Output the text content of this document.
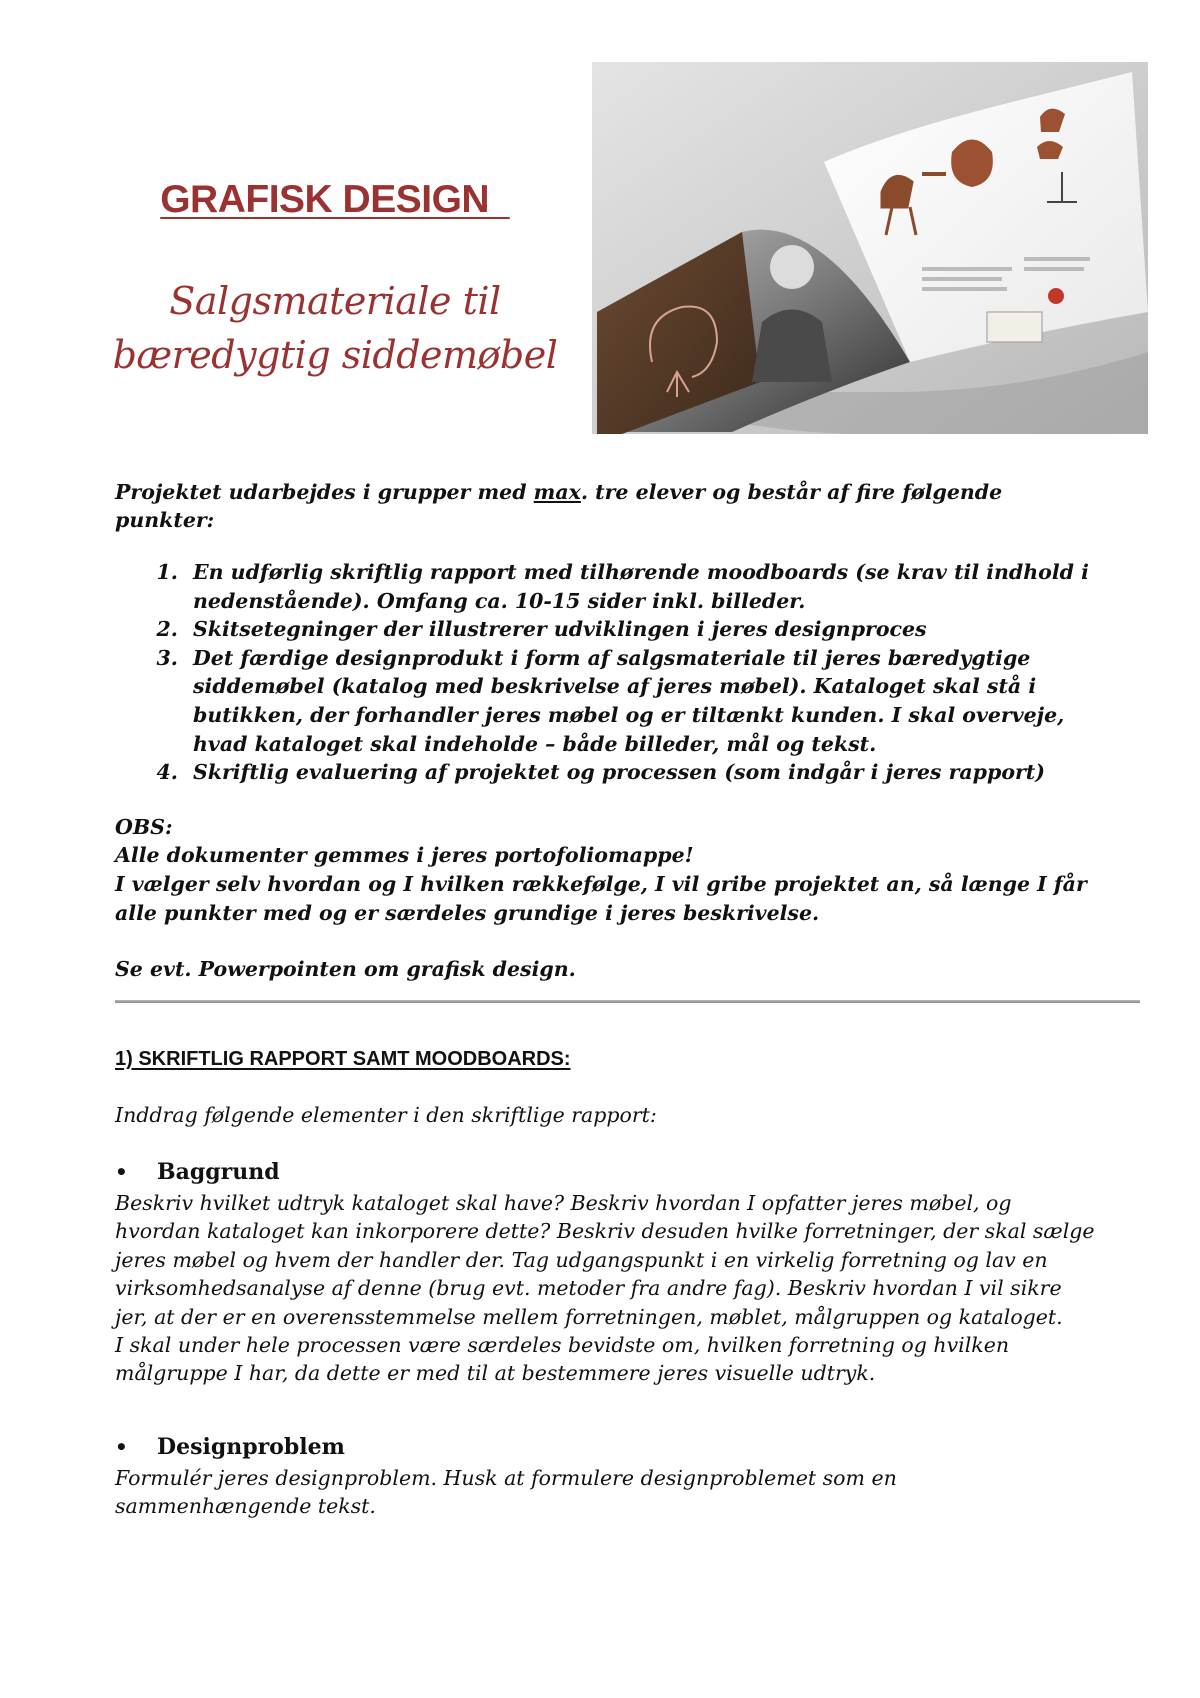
GRAFISK DESIGN
Salgsmateriale til
bæredygtig siddemøbel

Projektet udarbejdes i grupper med max. tre elever og består af fire følgende punkter:

1. En udførlig skriftlig rapport med tilhørende moodboards (se krav til indhold i nedenstående). Omfang ca. 10-15 sider inkl. billeder.
2. Skitsetegninger der illustrerer udviklingen i jeres designproces
3. Det færdige designprodukt i form af salgsmateriale til jeres bæredygtige siddemøbel (katalog med beskrivelse af jeres møbel). Kataloget skal stå i butikken, der forhandler jeres møbel og er tiltænkt kunden. I skal overveje, hvad kataloget skal indeholde – både billeder, mål og tekst.
4. Skriftlig evaluering af projektet og processen (som indgår i jeres rapport)

OBS:

Alle dokumenter gemmes i jeres portofoliomappe!

I vælger selv hvordan og I hvilken rækkefølge, I vil gribe projektet an, så længe I får alle punkter med og er særdeles grundige i jeres beskrivelse.

Se evt. Powerpointen om grafisk design.

1) SKRIFTLIG RAPPORT SAMT MOODBOARDS:

Inddrag følgende elementer i den skriftlige rapport:

•	Baggrund

Beskriv hvilket udtryk kataloget skal have? Beskriv hvordan I opfatter jeres møbel, og hvordan kataloget kan inkorporere dette? Beskriv desuden hvilke forretninger, der skal sælge jeres møbel og hvem der handler der. Tag udgangspunkt i en virkelig forretning og lav en virksomhedsanalyse af denne (brug evt. metoder fra andre fag). Beskriv hvordan I vil sikre jer, at der er en overensstemmelse mellem forretningen, møblet, målgruppen og kataloget.

I skal under hele processen være særdeles bevidste om, hvilken forretning og hvilken målgruppe I har, da dette er med til at bestemmere jeres visuelle udtryk.

•	Designproblem

Formulér jeres designproblem. Husk at formulere designproblemet som en sammenhængende tekst.
